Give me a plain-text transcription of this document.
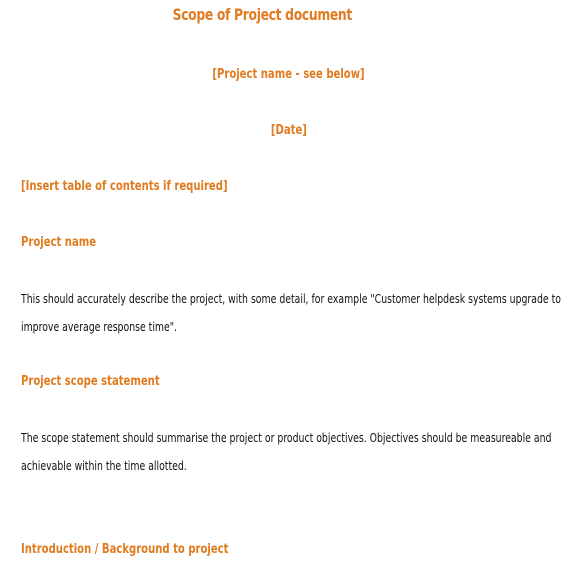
Scope of Project document
[Project name - see below]
[Date]
[Insert table of contents if required]
Project name
This should accurately describe the project, with some detail, for example "Customer helpdesk systems upgrade to
improve average response time".
Project scope statement
The scope statement should summarise the project or product objectives. Objectives should be measureable and
achievable within the time allotted.
Introduction / Background to project
